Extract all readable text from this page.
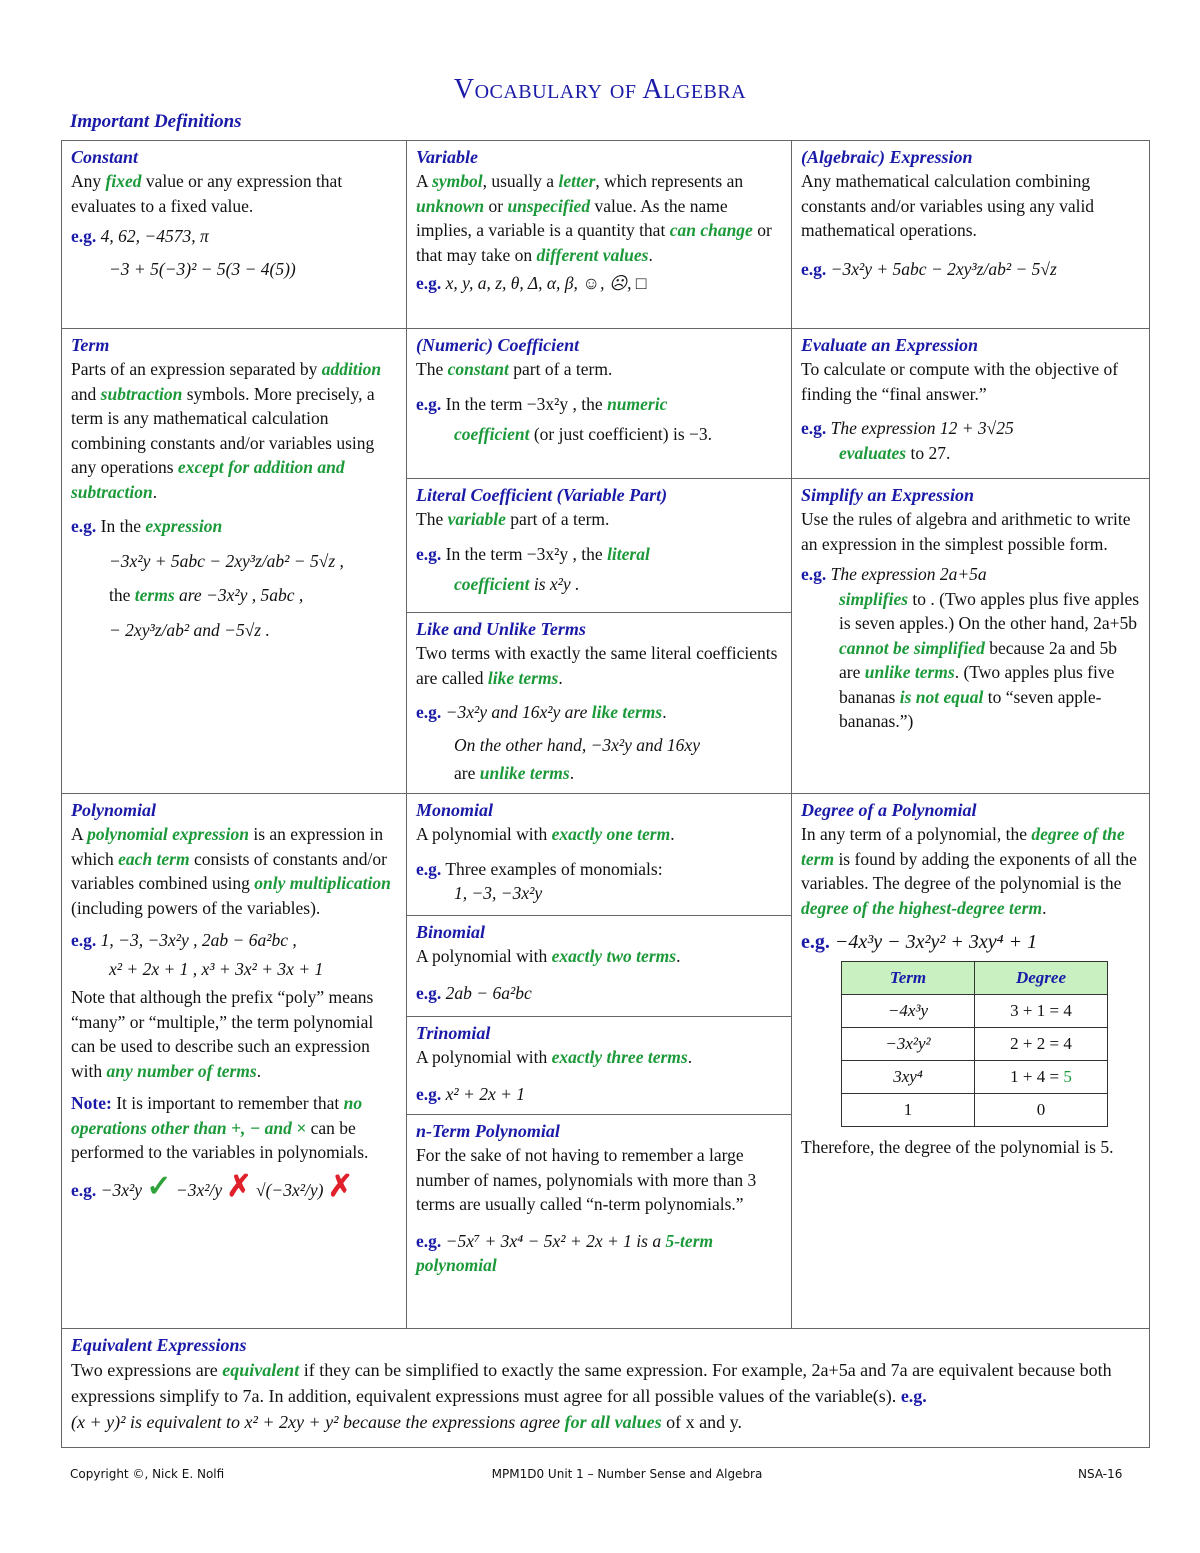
Vocabulary of Algebra
Important Definitions
Constant
Any fixed value or any expression that evaluates to a fixed value.
e.g. 4, 62, −4573, π
−3 + 5(−3)² − 5(3 − 4(5))
Variable
A symbol, usually a letter, which represents an unknown or unspecified value. As the name implies, a variable is a quantity that can change or that may take on different values.
e.g. x, y, a, z, θ, Δ, α, β, ☺, ☹, □
(Algebraic) Expression
Any mathematical calculation combining constants and/or variables using any valid mathematical operations.
e.g. −3x²y + 5abc − 2xy³z/ab² − 5√z
Term
Parts of an expression separated by addition and subtraction symbols. More precisely, a term is any mathematical calculation combining constants and/or variables using any operations except for addition and subtraction.
e.g. In the expression
−3x²y + 5abc − 2xy³z/ab² − 5√z ,
the terms are −3x²y , 5abc ,
− 2xy³z/ab² and −5√z .
(Numeric) Coefficient
The constant part of a term.
e.g. In the term −3x²y , the numeric
coefficient (or just coefficient) is −3.
Evaluate an Expression
To calculate or compute with the objective of finding the “final answer.”
e.g. The expression 12 + 3√25
evaluates to 27.
Literal Coefficient (Variable Part)
The variable part of a term.
e.g. In the term −3x²y , the literal
coefficient is x²y .
Like and Unlike Terms
Two terms with exactly the same literal coefficients are called like terms.
e.g. −3x²y and 16x²y are like terms.
On the other hand, −3x²y and 16xy
are unlike terms.
Simplify an Expression
Use the rules of algebra and arithmetic to write an expression in the simplest possible form.
e.g. The expression 2a+5a
simplifies to . (Two apples plus five apples is seven apples.) On the other hand, 2a+5b cannot be simplified because 2a and 5b are unlike terms. (Two apples plus five bananas is not equal to “seven apple-bananas.”)
Polynomial
A polynomial expression is an expression in which each term consists of constants and/or variables combined using only multiplication (including powers of the variables).
e.g. 1, −3, −3x²y , 2ab − 6a²bc ,
x² + 2x + 1 , x³ + 3x² + 3x + 1
Note that although the prefix “poly” means “many” or “multiple,” the term polynomial can be used to describe such an expression with any number of terms.
Note: It is important to remember that no operations other than +, − and × can be performed to the variables in polynomials.
e.g. −3x²y ✓ −3x²/y ✗ √(−3x²/y) ✗
Monomial
A polynomial with exactly one term.
e.g. Three examples of monomials:
1, −3, −3x²y
Binomial
A polynomial with exactly two terms.
e.g. 2ab − 6a²bc
Trinomial
A polynomial with exactly three terms.
e.g. x² + 2x + 1
n-Term Polynomial
For the sake of not having to remember a large number of names, polynomials with more than 3 terms are usually called “n-term polynomials.”
e.g. −5x⁷ + 3x⁴ − 5x² + 2x + 1 is a 5-term polynomial
Degree of a Polynomial
In any term of a polynomial, the degree of the term is found by adding the exponents of all the variables. The degree of the polynomial is the degree of the highest-degree term.
e.g. −4x³y − 3x²y² + 3xy⁴ + 1
Term	Degree
−4x³y	3 + 1 = 4
−3x²y²	2 + 2 = 4
3xy⁴	1 + 4 = 5
1	0
Therefore, the degree of the polynomial is 5.
Equivalent Expressions
Two expressions are equivalent if they can be simplified to exactly the same expression. For example, 2a+5a and 7a are equivalent because both expressions simplify to 7a. In addition, equivalent expressions must agree for all possible values of the variable(s). e.g. (x + y)² is equivalent to x² + 2xy + y² because the expressions agree for all values of x and y.
Copyright ©, Nick E. Nolfi	MPM1D0 Unit 1 – Number Sense and Algebra	NSA-16
